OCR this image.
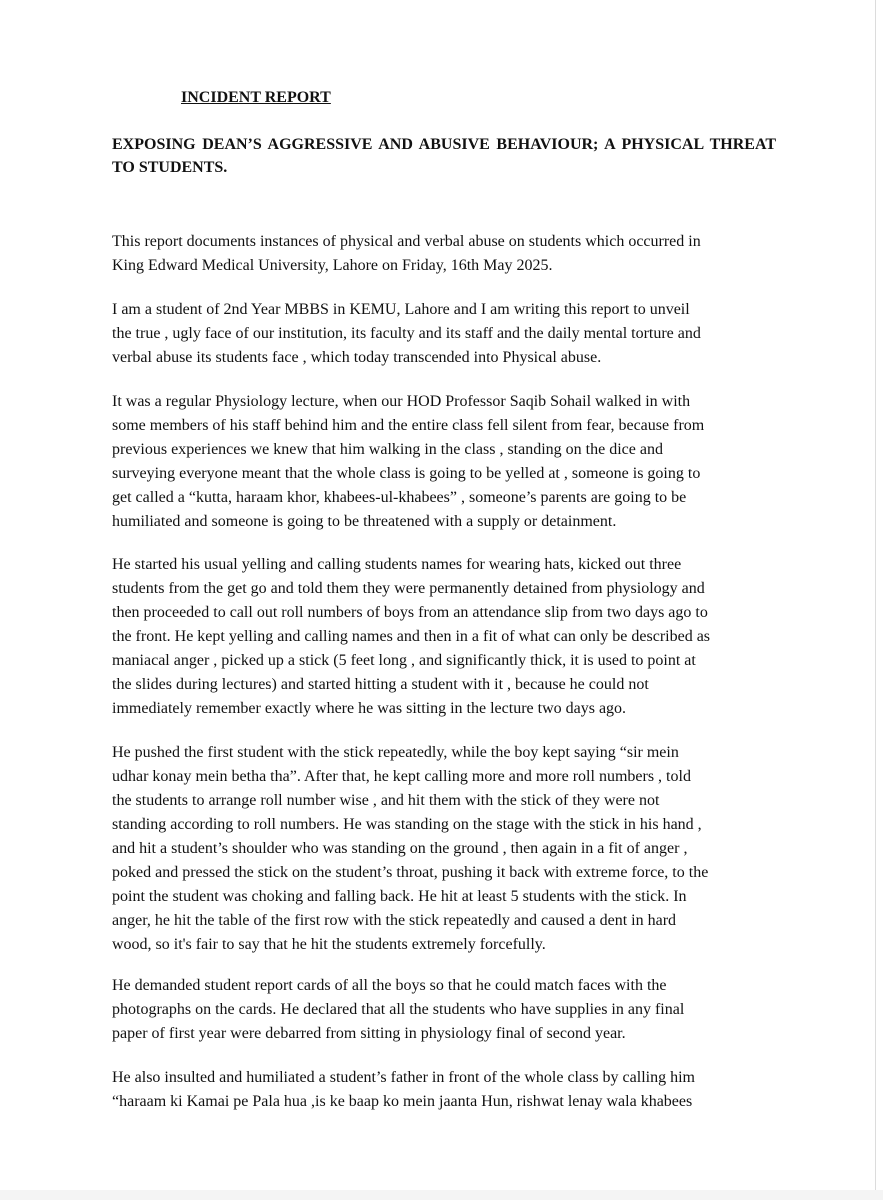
INCIDENT REPORT
EXPOSING DEAN’S AGGRESSIVE AND ABUSIVE BEHAVIOUR; A PHYSICAL THREAT TO STUDENTS.

This report documents instances of physical and verbal abuse on students which occurred in
King Edward Medical University, Lahore on Friday, 16th May 2025.

I am a student of 2nd Year MBBS in KEMU, Lahore and I am writing this report to unveil
the true , ugly face of our institution, its faculty and its staff and the daily mental torture and
verbal abuse its students face , which today transcended into Physical abuse.

It was a regular Physiology lecture, when our HOD Professor Saqib Sohail walked in with
some members of his staff behind him and the entire class fell silent from fear, because from
previous experiences we knew that him walking in the class , standing on the dice and
surveying everyone meant that the whole class is going to be yelled at , someone is going to
get called a “kutta, haraam khor, khabees-ul-khabees” , someone’s parents are going to be
humiliated and someone is going to be threatened with a supply or detainment.

He started his usual yelling and calling students names for wearing hats, kicked out three
students from the get go and told them they were permanently detained from physiology and
then proceeded to call out roll numbers of boys from an attendance slip from two days ago to
the front. He kept yelling and calling names and then in a fit of what can only be described as
maniacal anger , picked up a stick (5 feet long , and significantly thick, it is used to point at
the slides during lectures) and started hitting a student with it , because he could not
immediately remember exactly where he was sitting in the lecture two days ago.

He pushed the first student with the stick repeatedly, while the boy kept saying “sir mein
udhar konay mein betha tha”. After that, he kept calling more and more roll numbers , told
the students to arrange roll number wise , and hit them with the stick of they were not
standing according to roll numbers. He was standing on the stage with the stick in his hand ,
and hit a student’s shoulder who was standing on the ground , then again in a fit of anger ,
poked and pressed the stick on the student’s throat, pushing it back with extreme force, to the
point the student was choking and falling back. He hit at least 5 students with the stick. In
anger, he hit the table of the first row with the stick repeatedly and caused a dent in hard
wood, so it's fair to say that he hit the students extremely forcefully.

He demanded student report cards of all the boys so that he could match faces with the
photographs on the cards. He declared that all the students who have supplies in any final
paper of first year were debarred from sitting in physiology final of second year.

He also insulted and humiliated a student’s father in front of the whole class by calling him
“haraam ki Kamai pe Pala hua ,is ke baap ko mein jaanta Hun, rishwat lenay wala khabees
